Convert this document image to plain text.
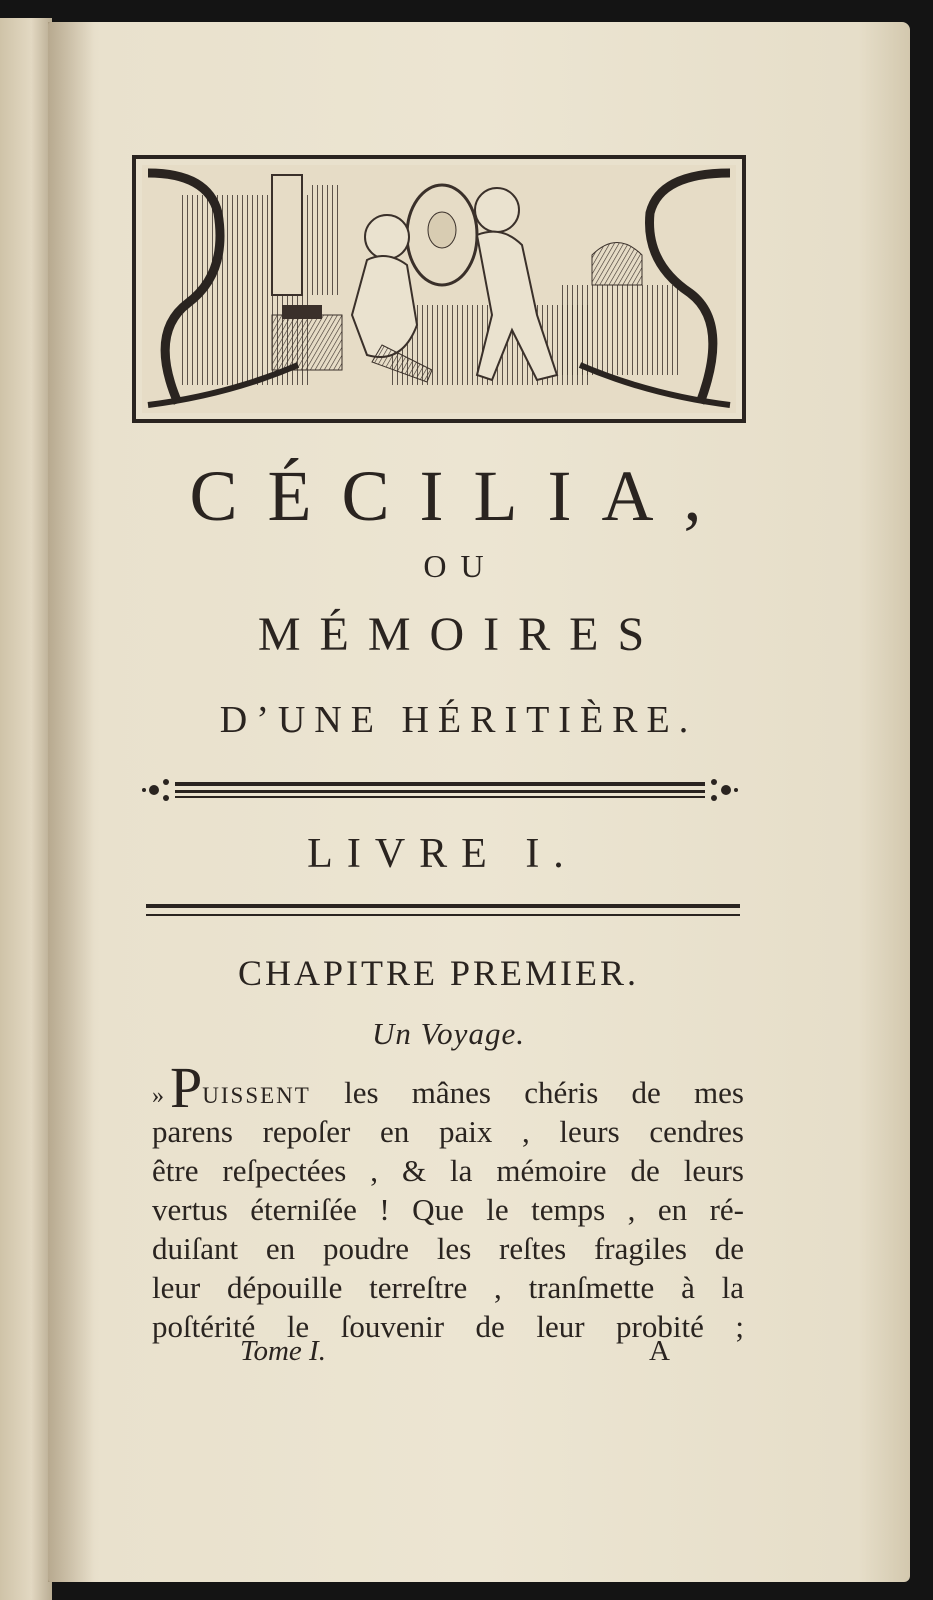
CÉCILIA,
OU
MÉMOIRES
D’UNE HÉRITIÈRE.
LIVRE I.
CHAPITRE PREMIER.
Un Voyage.
» PUISSENT les mânes chéris de mes
parens repoſer en paix , leurs cendres
être reſpectées , & la mémoire de leurs
vertus éterniſée ! Que le temps , en ré-
duiſant en poudre les reſtes fragiles de
leur dépouille terreſtre , tranſmette à la
poſtérité le ſouvenir de leur probité ;
Tome I.	A
